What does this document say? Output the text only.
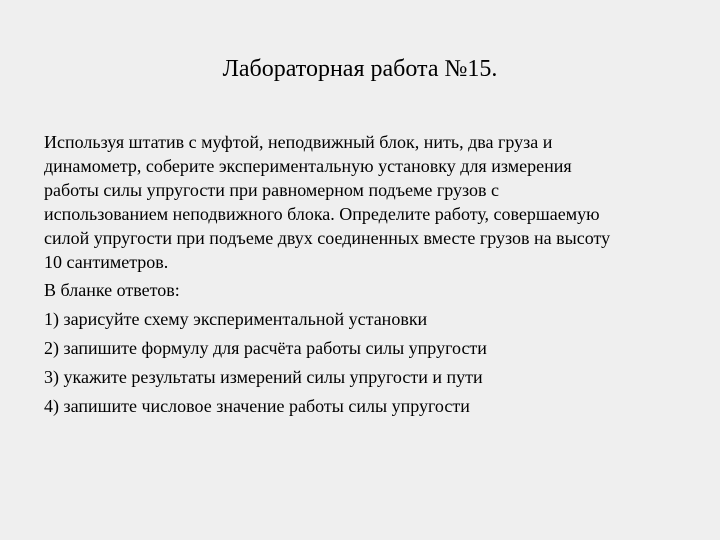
Лабораторная работа №15.

Используя штатив с муфтой, неподвижный блок, нить, два груза и
динамометр, соберите экспериментальную установку для измерения
работы силы упругости при равномерном подъеме грузов с
использованием неподвижного блока. Определите работу, совершаемую
силой упругости при подъеме двух соединенных вместе грузов на высоту
10 сантиметров.

В бланке ответов:

1) зарисуйте схему экспериментальной установки
2) запишите формулу для расчёта работы силы упругости
3) укажите результаты измерений силы упругости и пути
4) запишите числовое значение работы силы упругости
